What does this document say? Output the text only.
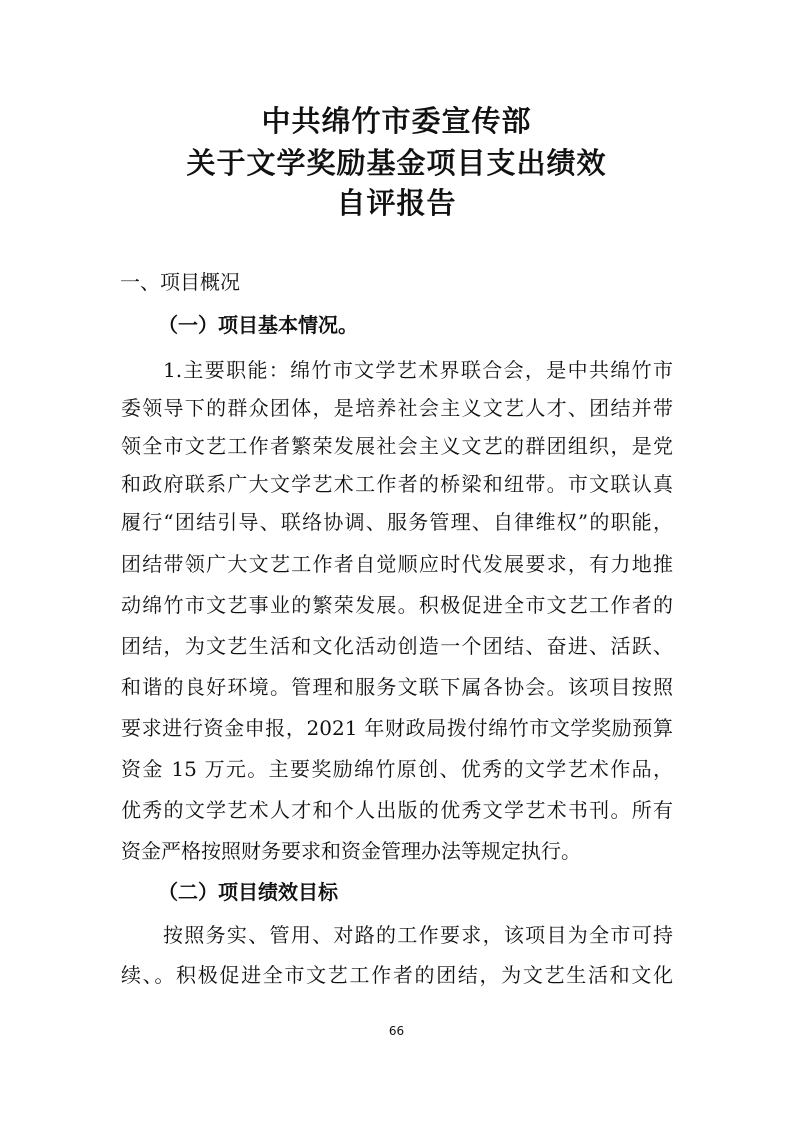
中共绵竹市委宣传部
关于文学奖励基金项目支出绩效
自评报告
一、项目概况
（一）项目基本情况。
1.主要职能：绵竹市文学艺术界联合会，是中共绵竹市
委领导下的群众团体，是培养社会主义文艺人才、团结并带
领全市文艺工作者繁荣发展社会主义文艺的群团组织，是党
和政府联系广大文学艺术工作者的桥梁和纽带。市文联认真
履行“团结引导、联络协调、服务管理、自律维权”的职能，
团结带领广大文艺工作者自觉顺应时代发展要求，有力地推
动绵竹市文艺事业的繁荣发展。积极促进全市文艺工作者的
团结，为文艺生活和文化活动创造一个团结、奋进、活跃、
和谐的良好环境。管理和服务文联下属各协会。该项目按照
要求进行资金申报，2021 年财政局拨付绵竹市文学奖励预算
资金 15 万元。主要奖励绵竹原创、优秀的文学艺术作品，
优秀的文学艺术人才和个人出版的优秀文学艺术书刊。所有
资金严格按照财务要求和资金管理办法等规定执行。
（二）项目绩效目标
按照务实、管用、对路的工作要求，该项目为全市可持
续、。积极促进全市文艺工作者的团结，为文艺生活和文化
66
